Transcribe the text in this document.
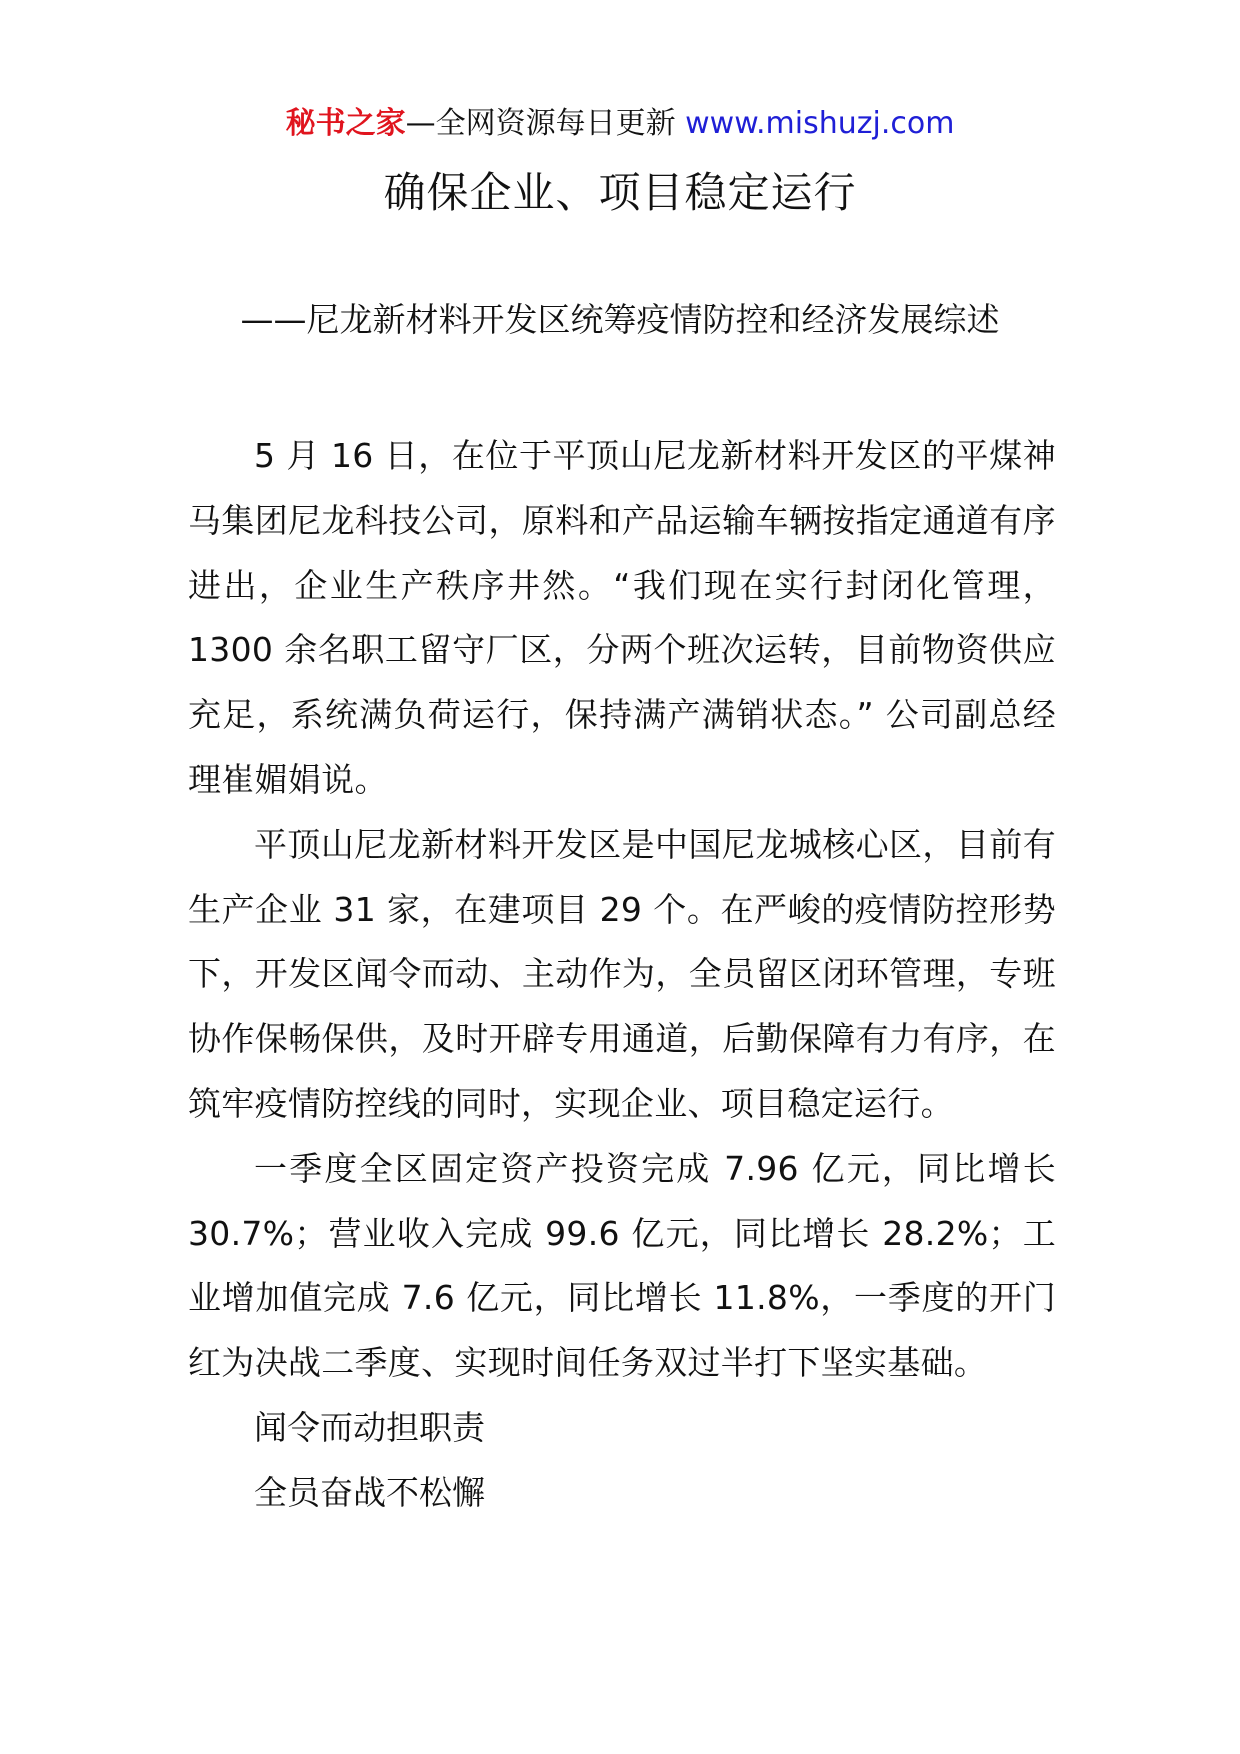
秘书之家—全网资源每日更新 www.mishuzj.com
确保企业、项目稳定运行
——尼龙新材料开发区统筹疫情防控和经济发展综述

5 月 16 日，在位于平顶山尼龙新材料开发区的平煤神马集团尼龙科技公司，原料和产品运输车辆按指定通道有序进出，企业生产秩序井然。“我们现在实行封闭化管理，1300 余名职工留守厂区，分两个班次运转，目前物资供应充足，系统满负荷运行，保持满产满销状态。” 公司副总经理崔媚娟说。

平顶山尼龙新材料开发区是中国尼龙城核心区，目前有生产企业 31 家，在建项目 29 个。在严峻的疫情防控形势下，开发区闻令而动、主动作为，全员留区闭环管理，专班协作保畅保供，及时开辟专用通道，后勤保障有力有序，在筑牢疫情防控线的同时，实现企业、项目稳定运行。

一季度全区固定资产投资完成 7.96 亿元，同比增长30.7%；营业收入完成 99.6 亿元，同比增长 28.2%；工业增加值完成 7.6 亿元，同比增长 11.8%，一季度的开门红为决战二季度、实现时间任务双过半打下坚实基础。

闻令而动担职责

全员奋战不松懈
